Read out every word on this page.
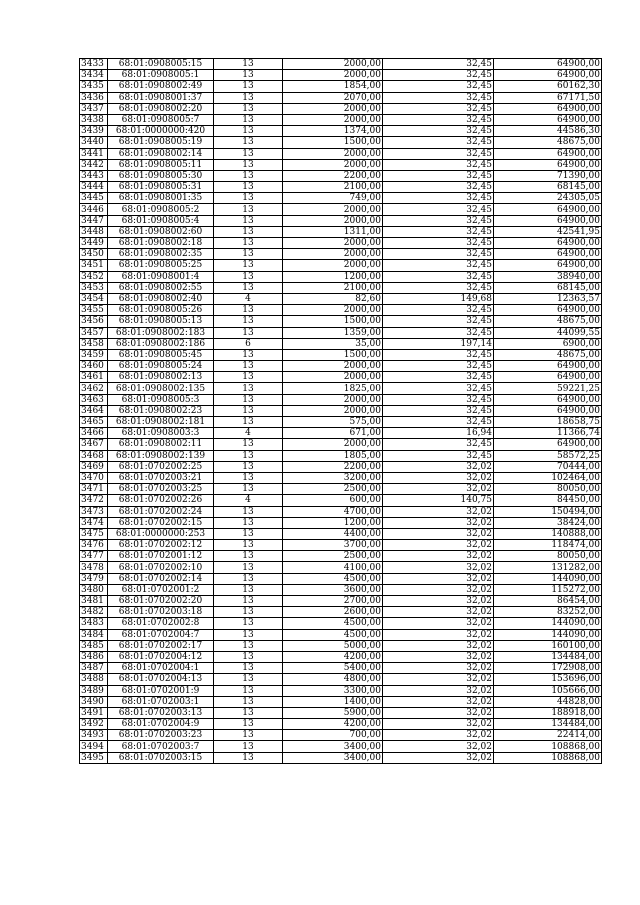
3433	68:01:0908005:15	13	2000,00	32,45	64900,00
3434	68:01:0908005:1	13	2000,00	32,45	64900,00
3435	68:01:0908002:49	13	1854,00	32,45	60162,30
3436	68:01:0908001:37	13	2070,00	32,45	67171,50
3437	68:01:0908002:20	13	2000,00	32,45	64900,00
3438	68:01:0908005:7	13	2000,00	32,45	64900,00
3439	68:01:0000000:420	13	1374,00	32,45	44586,30
3440	68:01:0908005:19	13	1500,00	32,45	48675,00
3441	68:01:0908002:14	13	2000,00	32,45	64900,00
3442	68:01:0908005:11	13	2000,00	32,45	64900,00
3443	68:01:0908005:30	13	2200,00	32,45	71390,00
3444	68:01:0908005:31	13	2100,00	32,45	68145,00
3445	68:01:0908001:35	13	749,00	32,45	24305,05
3446	68:01:0908005:2	13	2000,00	32,45	64900,00
3447	68:01:0908005:4	13	2000,00	32,45	64900,00
3448	68:01:0908002:60	13	1311,00	32,45	42541,95
3449	68:01:0908002:18	13	2000,00	32,45	64900,00
3450	68:01:0908002:35	13	2000,00	32,45	64900,00
3451	68:01:0908005:25	13	2000,00	32,45	64900,00
3452	68:01:0908001:4	13	1200,00	32,45	38940,00
3453	68:01:0908002:55	13	2100,00	32,45	68145,00
3454	68:01:0908002:40	4	82,60	149,68	12363,57
3455	68:01:0908005:26	13	2000,00	32,45	64900,00
3456	68:01:0908005:13	13	1500,00	32,45	48675,00
3457	68:01:0908002:183	13	1359,00	32,45	44099,55
3458	68:01:0908002:186	6	35,00	197,14	6900,00
3459	68:01:0908005:45	13	1500,00	32,45	48675,00
3460	68:01:0908005:24	13	2000,00	32,45	64900,00
3461	68:01:0908002:13	13	2000,00	32,45	64900,00
3462	68:01:0908002:135	13	1825,00	32,45	59221,25
3463	68:01:0908005:3	13	2000,00	32,45	64900,00
3464	68:01:0908002:23	13	2000,00	32,45	64900,00
3465	68:01:0908002:181	13	575,00	32,45	18658,75
3466	68:01:0908003:3	4	671,00	16,94	11366,74
3467	68:01:0908002:11	13	2000,00	32,45	64900,00
3468	68:01:0908002:139	13	1805,00	32,45	58572,25
3469	68:01:0702002:25	13	2200,00	32,02	70444,00
3470	68:01:0702003:21	13	3200,00	32,02	102464,00
3471	68:01:0702003:25	13	2500,00	32,02	80050,00
3472	68:01:0702002:26	4	600,00	140,75	84450,00
3473	68:01:0702002:24	13	4700,00	32,02	150494,00
3474	68:01:0702002:15	13	1200,00	32,02	38424,00
3475	68:01:0000000:253	13	4400,00	32,02	140888,00
3476	68:01:0702002:12	13	3700,00	32,02	118474,00
3477	68:01:0702001:12	13	2500,00	32,02	80050,00
3478	68:01:0702002:10	13	4100,00	32,02	131282,00
3479	68:01:0702002:14	13	4500,00	32,02	144090,00
3480	68:01:0702001:2	13	3600,00	32,02	115272,00
3481	68:01:0702002:20	13	2700,00	32,02	86454,00
3482	68:01:0702003:18	13	2600,00	32,02	83252,00
3483	68:01:0702002:8	13	4500,00	32,02	144090,00
3484	68:01:0702004:7	13	4500,00	32,02	144090,00
3485	68:01:0702002:17	13	5000,00	32,02	160100,00
3486	68:01:0702004:12	13	4200,00	32,02	134484,00
3487	68:01:0702004:1	13	5400,00	32,02	172908,00
3488	68:01:0702004:13	13	4800,00	32,02	153696,00
3489	68:01:0702001:9	13	3300,00	32,02	105666,00
3490	68:01:0702003:1	13	1400,00	32,02	44828,00
3491	68:01:0702003:13	13	5900,00	32,02	188918,00
3492	68:01:0702004:9	13	4200,00	32,02	134484,00
3493	68:01:0702003:23	13	700,00	32,02	22414,00
3494	68:01:0702003:7	13	3400,00	32,02	108868,00
3495	68:01:0702003:15	13	3400,00	32,02	108868,00
